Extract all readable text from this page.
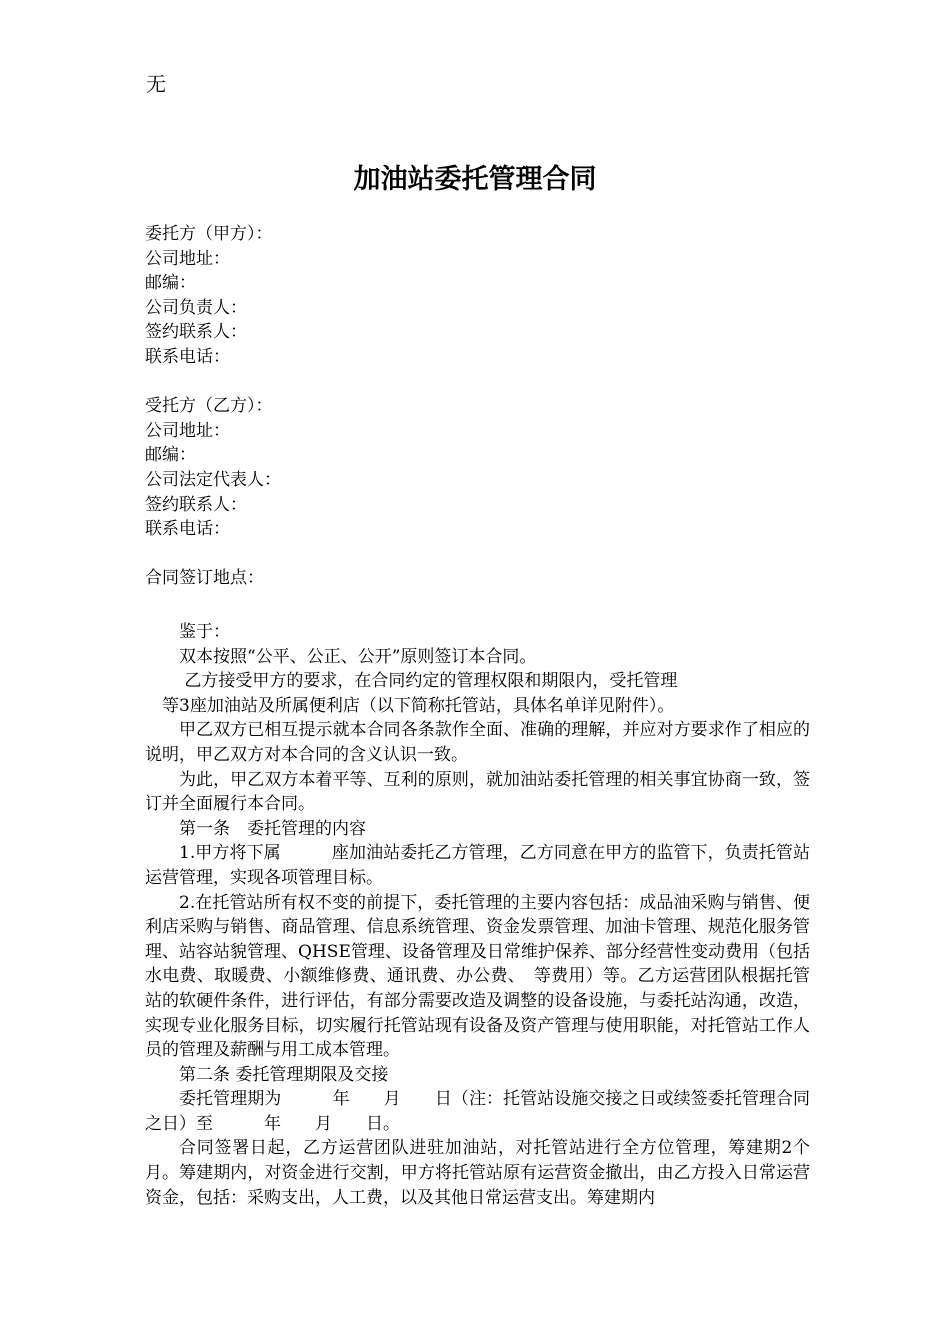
无
加油站委托管理合同
委托方（甲方）：
公司地址：
邮编：
公司负责人：
签约联系人：
联系电话：
受托方（乙方）：
公司地址：
邮编：
公司法定代表人：
签约联系人：
联系电话：
合同签订地点：

鉴于：

双本按照“公平、公正、公开”原则签订本合同。

乙方接受甲方的要求，在合同约定的管理权限和期限内，受托管理

等3座加油站及所属便利店（以下简称托管站，具体名单详见附件）。

甲乙双方已相互提示就本合同各条款作全面、准确的理解，并应对方要求作了相应的说明，甲乙双方对本合同的含义认识一致。

为此，甲乙双方本着平等、互利的原则，就加油站委托管理的相关事宜协商一致，签订并全面履行本合同。

第一条　委托管理的内容

1.甲方将下属　　　座加油站委托乙方管理，乙方同意在甲方的监管下，负责托管站运营管理，实现各项管理目标。

2.在托管站所有权不变的前提下，委托管理的主要内容包括：成品油采购与销售、便利店采购与销售、商品管理、信息系统管理、资金发票管理、加油卡管理、规范化服务管理、站容站貌管理、QHSE管理、设备管理及日常维护保养、部分经营性变动费用（包括水电费、取暖费、小额维修费、通讯费、办公费、　等费用）等。乙方运营团队根据托管站的软硬件条件，进行评估，有部分需要改造及调整的设备设施，与委托站沟通，改造，实现专业化服务目标，切实履行托管站现有设备及资产管理与使用职能，对托管站工作人员的管理及薪酬与用工成本管理。

第二条 委托管理期限及交接

委托管理期为　　　年　　月　　日（注：托管站设施交接之日或续签委托管理合同之日）至　　　年　　月　　日。

合同签署日起，乙方运营团队进驻加油站，对托管站进行全方位管理，筹建期2个月。筹建期内，对资金进行交割，甲方将托管站原有运营资金撤出，由乙方投入日常运营资金，包括：采购支出，人工费，以及其他日常运营支出。筹建期内
